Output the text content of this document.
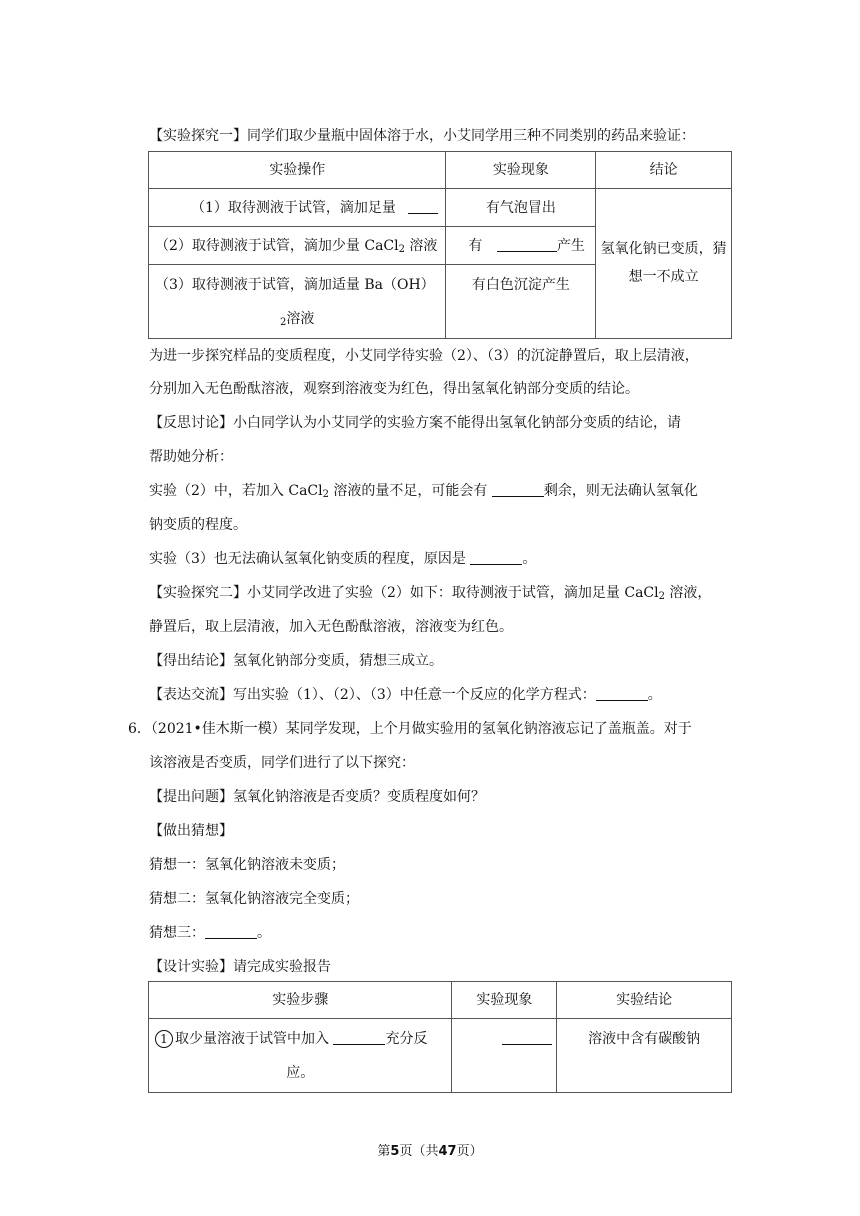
【实验探究一】同学们取少量瓶中固体溶于水，小艾同学用三种不同类别的药品来验证：
实验操作	实验现象	结论
（1）取待测液于试管，滴加足量	有气泡冒出	氢氧化钠已变质，猜
想一不成立

（2）取待测液于试管，滴加少量 CaCl$_2$ 溶液	有 产生	

（3）取待测液于试管，滴加适量 Ba（OH）
$_2$溶液	有白色沉淀产生	
为进一步探究样品的变质程度，小艾同学待实验（2）、（3）的沉淀静置后，取上层清液，
分别加入无色酚酞溶液，观察到溶液变为红色，得出氢氧化钠部分变质的结论。
【反思讨论】小白同学认为小艾同学的实验方案不能得出氢氧化钠部分变质的结论，请
帮助她分析：
实验（2）中，若加入 CaCl$_2$ 溶液的量不足，可能会有	剩余，则无法确认氢氧化
钠变质的程度。
实验（3）也无法确认氢氧化钠变质的程度，原因是	。
【实验探究二】小艾同学改进了实验（2）如下：取待测液于试管，滴加足量 CaCl$_2$ 溶液，
静置后，取上层清液，加入无色酚酞溶液，溶液变为红色。
【得出结论】氢氧化钠部分变质，猜想三成立。
【表达交流】写出实验（1）、（2）、（3）中任意一个反应的化学方程式：	。
6．（2021•佳木斯一模）某同学发现，上个月做实验用的氢氧化钠溶液忘记了盖瓶盖。对于
该溶液是否变质，同学们进行了以下探究：
【提出问题】氢氧化钠溶液是否变质？变质程度如何？
【做出猜想】
猜想一：氢氧化钠溶液未变质；
猜想二：氢氧化钠溶液完全变质；
猜想三：	。
【设计实验】请完成实验报告
实验步骤	实验现象	实验结论

1 取少量溶液于试管中加入 充分反
应。		溶液中含有碳酸钠
第5页（共47页）
